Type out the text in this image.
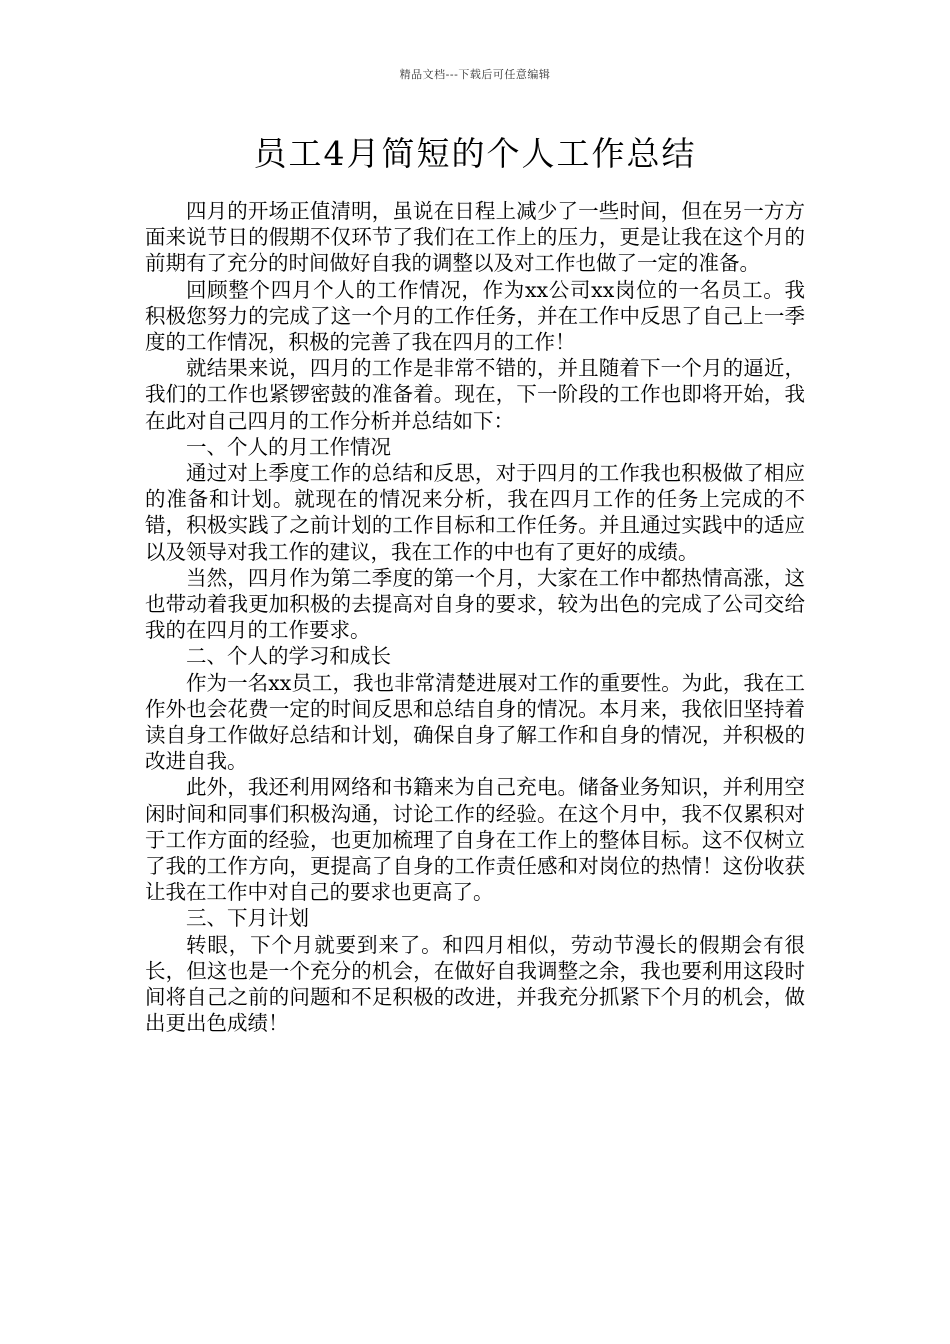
精品文档---下载后可任意编辑
员工4月简短的个人工作总结

四月的开场正值清明，虽说在日程上减少了一些时间，但在另一方方面来说节日的假期不仅环节了我们在工作上的压力，更是让我在这个月的前期有了充分的时间做好自我的调整以及对工作也做了一定的准备。

回顾整个四月个人的工作情况，作为xx公司xx岗位的一名员工。我积极您努力的完成了这一个月的工作任务，并在工作中反思了自己上一季度的工作情况，积极的完善了我在四月的工作！

就结果来说，四月的工作是非常不错的，并且随着下一个月的逼近，我们的工作也紧锣密鼓的准备着。现在，下一阶段的工作也即将开始，我在此对自己四月的工作分析并总结如下：

一、个人的月工作情况

通过对上季度工作的总结和反思，对于四月的工作我也积极做了相应的准备和计划。就现在的情况来分析，我在四月工作的任务上完成的不错，积极实践了之前计划的工作目标和工作任务。并且通过实践中的适应以及领导对我工作的建议，我在工作的中也有了更好的成绩。

当然，四月作为第二季度的第一个月，大家在工作中都热情高涨，这也带动着我更加积极的去提高对自身的要求，较为出色的完成了公司交给我的在四月的工作要求。

二、个人的学习和成长

作为一名xx员工，我也非常清楚进展对工作的重要性。为此，我在工作外也会花费一定的时间反思和总结自身的情况。本月来，我依旧坚持着读自身工作做好总结和计划，确保自身了解工作和自身的情况，并积极的改进自我。

此外，我还利用网络和书籍来为自己充电。储备业务知识，并利用空闲时间和同事们积极沟通，讨论工作的经验。在这个月中，我不仅累积对于工作方面的经验，也更加梳理了自身在工作上的整体目标。这不仅树立了我的工作方向，更提高了自身的工作责任感和对岗位的热情！这份收获让我在工作中对自己的要求也更高了。

三、下月计划

转眼，下个月就要到来了。和四月相似，劳动节漫长的假期会有很长，但这也是一个充分的机会，在做好自我调整之余，我也要利用这段时间将自己之前的问题和不足积极的改进，并我充分抓紧下个月的机会，做出更出色成绩！
